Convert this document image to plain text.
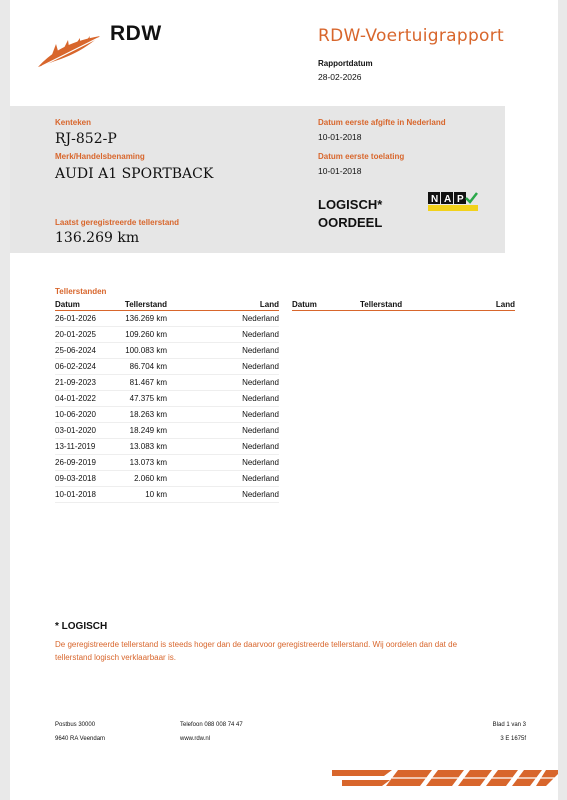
RDW	RDW-Voertuigrapport
Rapportdatum
28-02-2026
Kenteken
RJ-852-P
Merk/Handelsbenaming
AUDI A1 SPORTBACK
Laatst geregistreerde tellerstand
136.269 km
Datum eerste afgifte in Nederland
10-01-2018
Datum eerste toelating
10-01-2018
LOGISCH*
OORDEEL
N A P
Tellerstanden
Datum	Tellerstand	Land
26-01-2026	136.269 km	Nederland
20-01-2025	109.260 km	Nederland
25-06-2024	100.083 km	Nederland
06-02-2024	86.704 km	Nederland
21-09-2023	81.467 km	Nederland
04-01-2022	47.375 km	Nederland
10-06-2020	18.263 km	Nederland
03-01-2020	18.249 km	Nederland
13-11-2019	13.083 km	Nederland
26-09-2019	13.073 km	Nederland
09-03-2018	2.060 km	Nederland
10-01-2018	10 km	Nederland
Datum	Tellerstand	Land
* LOGISCH
De geregistreerde tellerstand is steeds hoger dan de daarvoor geregistreerde tellerstand. Wij oordelen dan dat de tellerstand logisch verklaarbaar is.
Postbus 30000
9640 RA Veendam
Telefoon 088 008 74 47
www.rdw.nl
Blad 1 van 3
3 E 1675f
